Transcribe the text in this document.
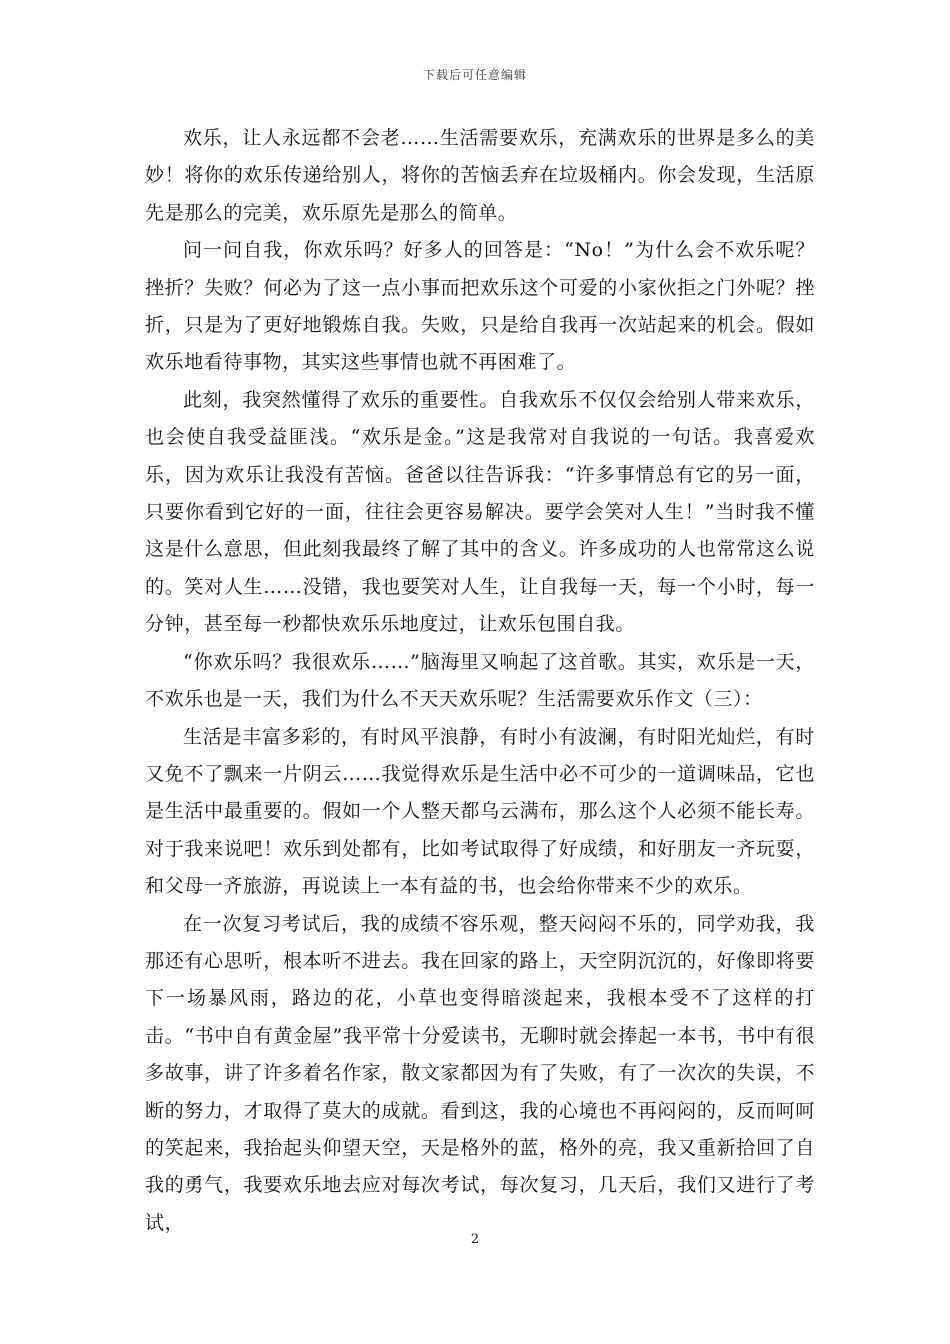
下载后可任意编辑

欢乐，让人永远都不会老……生活需要欢乐，充满欢乐的世界是多么的美妙！将你的欢乐传递给别人，将你的苦恼丢弃在垃圾桶内。你会发现，生活原先是那么的完美，欢乐原先是那么的简单。

问一问自我，你欢乐吗？好多人的回答是：“No！”为什么会不欢乐呢？挫折？失败？何必为了这一点小事而把欢乐这个可爱的小家伙拒之门外呢？挫折，只是为了更好地锻炼自我。失败，只是给自我再一次站起来的机会。假如欢乐地看待事物，其实这些事情也就不再困难了。

此刻，我突然懂得了欢乐的重要性。自我欢乐不仅仅会给别人带来欢乐，也会使自我受益匪浅。“欢乐是金。”这是我常对自我说的一句话。我喜爱欢乐，因为欢乐让我没有苦恼。爸爸以往告诉我：“许多事情总有它的另一面，只要你看到它好的一面，往往会更容易解决。要学会笑对人生！”当时我不懂这是什么意思，但此刻我最终了解了其中的含义。许多成功的人也常常这么说的。笑对人生……没错，我也要笑对人生，让自我每一天，每一个小时，每一分钟，甚至每一秒都快欢乐乐地度过，让欢乐包围自我。

“你欢乐吗？我很欢乐……”脑海里又响起了这首歌。其实，欢乐是一天，不欢乐也是一天，我们为什么不天天欢乐呢？生活需要欢乐作文（三）：

生活是丰富多彩的，有时风平浪静，有时小有波澜，有时阳光灿烂，有时又免不了飘来一片阴云……我觉得欢乐是生活中必不可少的一道调味品，它也是生活中最重要的。假如一个人整天都乌云满布，那么这个人必须不能长寿。对于我来说吧！欢乐到处都有，比如考试取得了好成绩，和好朋友一齐玩耍，和父母一齐旅游，再说读上一本有益的书，也会给你带来不少的欢乐。

在一次复习考试后，我的成绩不容乐观，整天闷闷不乐的，同学劝我，我那还有心思听，根本听不进去。我在回家的路上，天空阴沉沉的，好像即将要下一场暴风雨，路边的花，小草也变得暗淡起来，我根本受不了这样的打击。“书中自有黄金屋”我平常十分爱读书，无聊时就会捧起一本书，书中有很多故事，讲了许多着名作家，散文家都因为有了失败，有了一次次的失误，不断的努力，才取得了莫大的成就。看到这，我的心境也不再闷闷的，反而呵呵的笑起来，我抬起头仰望天空，天是格外的蓝，格外的亮，我又重新拾回了自我的勇气，我要欢乐地去应对每次考试，每次复习，几天后，我们又进行了考试，

2
